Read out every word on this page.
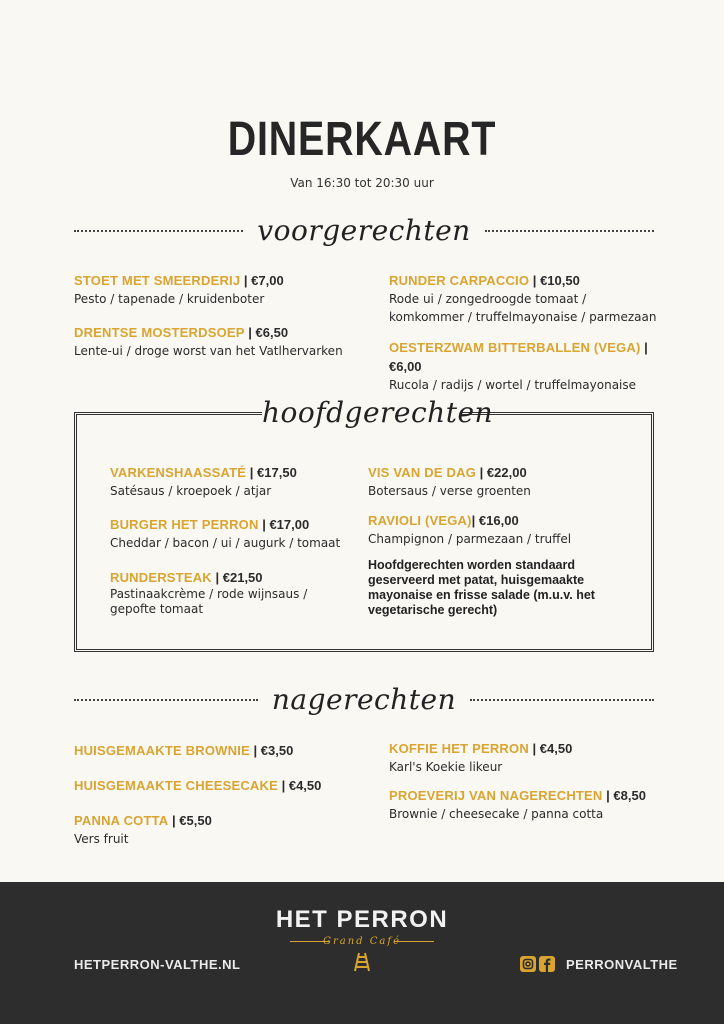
DINERKAART
Van 16:30 tot 20:30 uur
voorgerechten
STOET MET SMEERDERIJ | €7,00
Pesto / tapenade / kruidenboter
DRENTSE MOSTERDSOEP | €6,50
Lente-ui / droge worst van het Vatlhervarken
RUNDER CARPACCIO | €10,50
Rode ui / zongedroogde tomaat / komkommer / truffelmayonaise / parmezaan
OESTERZWAM BITTERBALLEN (VEGA) | €6,00
Rucola / radijs / wortel / truffelmayonaise
hoofdgerechten
VARKENSHAASSATÉ | €17,50
Satésaus / kroepoek / atjar
BURGER HET PERRON | €17,00
Cheddar / bacon / ui / augurk / tomaat
RUNDERSTEAK | €21,50
Pastinaakcrème / rode wijnsaus / gepofte tomaat
VIS VAN DE DAG | €22,00
Botersaus / verse groenten
RAVIOLI (VEGA)| €16,00
Champignon / parmezaan / truffel
Hoofdgerechten worden standaard geserveerd met patat, huisgemaakte mayonaise en frisse salade (m.u.v. het vegetarische gerecht)
nagerechten
HUISGEMAAKTE BROWNIE | €3,50
HUISGEMAAKTE CHEESECAKE | €4,50
PANNA COTTA | €5,50
Vers fruit
KOFFIE HET PERRON | €4,50
Karl's Koekie likeur
PROEVERIJ VAN NAGERECHTEN | €8,50
Brownie / cheesecake / panna cotta
HET PERRON
Grand Café
HETPERRON-VALTHE.NL	PERRONVALTHE
